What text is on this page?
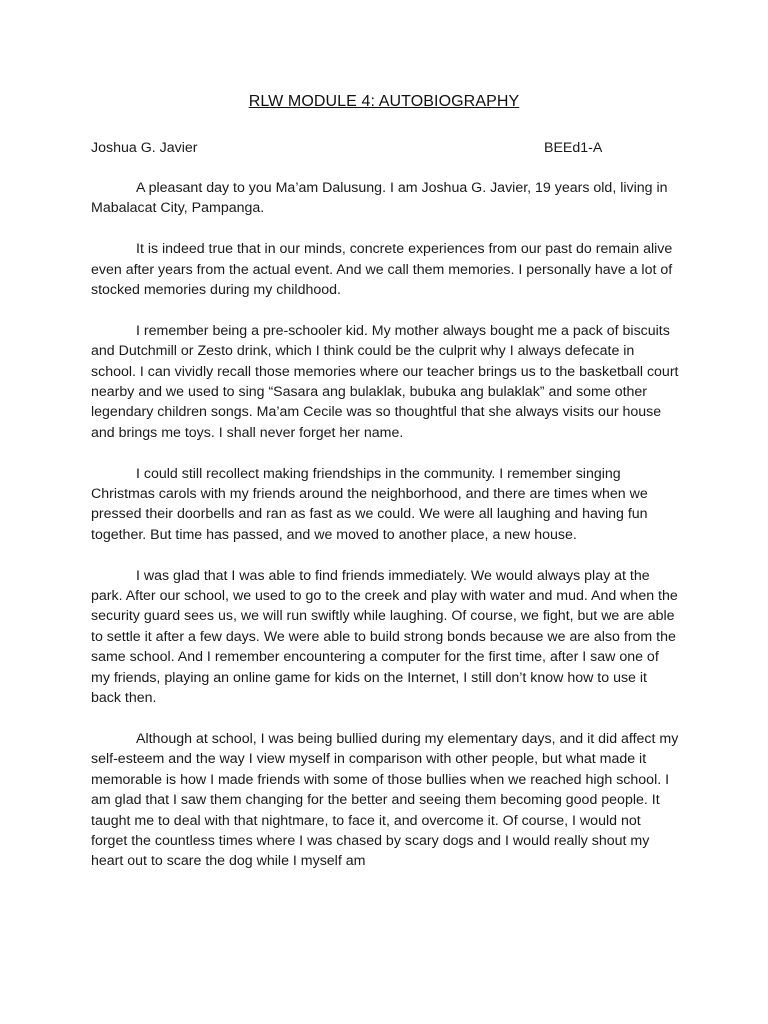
RLW MODULE 4: AUTOBIOGRAPHY
Joshua G. Javier	BEEd1-A

A pleasant day to you Ma’am Dalusung. I am Joshua G. Javier, 19 years old, living in Mabalacat City, Pampanga.

It is indeed true that in our minds, concrete experiences from our past do remain alive even after years from the actual event. And we call them memories. I personally have a lot of stocked memories during my childhood.

I remember being a pre-schooler kid. My mother always bought me a pack of biscuits and Dutchmill or Zesto drink, which I think could be the culprit why I always defecate in school. I can vividly recall those memories where our teacher brings us to the basketball court nearby and we used to sing “Sasara ang bulaklak, bubuka ang bulaklak” and some other legendary children songs. Ma’am Cecile was so thoughtful that she always visits our house and brings me toys. I shall never forget her name.

I could still recollect making friendships in the community. I remember singing Christmas carols with my friends around the neighborhood, and there are times when we pressed their doorbells and ran as fast as we could. We were all laughing and having fun together. But time has passed, and we moved to another place, a new house.

I was glad that I was able to find friends immediately. We would always play at the park. After our school, we used to go to the creek and play with water and mud. And when the security guard sees us, we will run swiftly while laughing. Of course, we fight, but we are able to settle it after a few days. We were able to build strong bonds because we are also from the same school. And I remember encountering a computer for the first time, after I saw one of my friends, playing an online game for kids on the Internet, I still don’t know how to use it back then.

Although at school, I was being bullied during my elementary days, and it did affect my self-esteem and the way I view myself in comparison with other people, but what made it memorable is how I made friends with some of those bullies when we reached high school. I am glad that I saw them changing for the better and seeing them becoming good people. It taught me to deal with that nightmare, to face it, and overcome it. Of course, I would not forget the countless times where I was chased by scary dogs and I would really shout my heart out to scare the dog while I myself am
